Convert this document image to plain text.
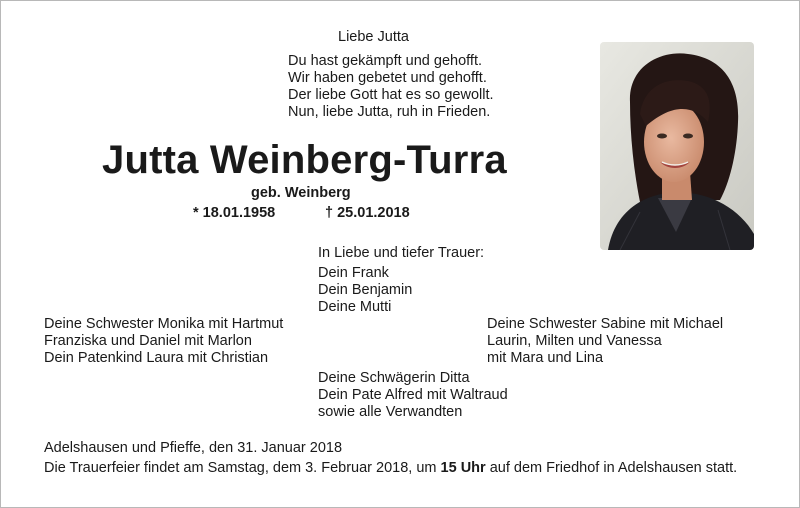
Liebe Jutta
Du hast gekämpft und gehofft.
Wir haben gebetet und gehofft.
Der liebe Gott hat es so gewollt.
Nun, liebe Jutta, ruh in Frieden.
Jutta Weinberg-Turra
geb. Weinberg
* 18.01.1958	† 25.01.2018
In Liebe und tiefer Trauer:
Dein Frank
Dein Benjamin
Deine Mutti
Deine Schwester Monika mit Hartmut
Franziska und Daniel mit Marlon
Dein Patenkind Laura mit Christian
Deine Schwester Sabine mit Michael
Laurin, Milten und Vanessa
mit Mara und Lina
Deine Schwägerin Ditta
Dein Pate Alfred mit Waltraud
sowie alle Verwandten
Adelshausen und Pfieffe, den 31. Januar 2018
Die Trauerfeier findet am Samstag, dem 3. Februar 2018, um 15 Uhr auf dem Friedhof in Adelshausen statt.
